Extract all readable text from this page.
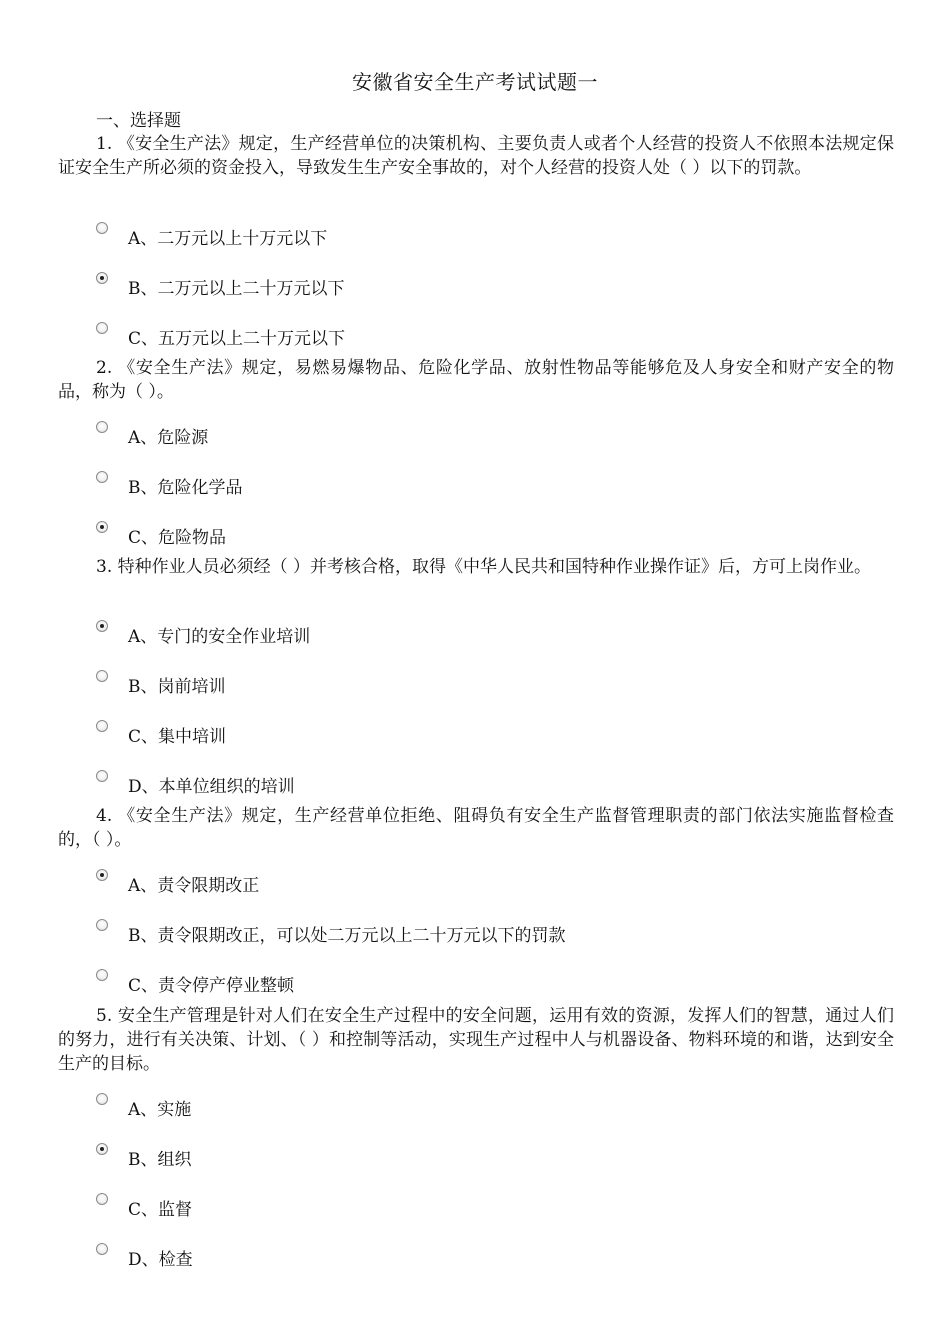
安徽省安全生产考试试题一
一、选择题
1. 《安全生产法》规定，生产经营单位的决策机构、主要负责人或者个人经营的投资人不依照本法规定保证安全生产所必须的资金投入，导致发生生产安全事故的，对个人经营的投资人处（ ）以下的罚款。
A、二万元以上十万元以下
B、二万元以上二十万元以下
C、五万元以上二十万元以下
2. 《安全生产法》规定，易燃易爆物品、危险化学品、放射性物品等能够危及人身安全和财产安全的物品，称为（ ）。
A、危险源
B、危险化学品
C、危险物品
3. 特种作业人员必须经（ ）并考核合格，取得《中华人民共和国特种作业操作证》后，方可上岗作业。
A、专门的安全作业培训
B、岗前培训
C、集中培训
D、本单位组织的培训
4. 《安全生产法》规定，生产经营单位拒绝、阻碍负有安全生产监督管理职责的部门依法实施监督检查的，（ ）。
A、责令限期改正
B、责令限期改正，可以处二万元以上二十万元以下的罚款
C、责令停产停业整顿
5. 安全生产管理是针对人们在安全生产过程中的安全问题，运用有效的资源，发挥人们的智慧，通过人们的努力，进行有关决策、计划、（ ）和控制等活动，实现生产过程中人与机器设备、物料环境的和谐，达到安全生产的目标。
A、实施
B、组织
C、监督
D、检查
